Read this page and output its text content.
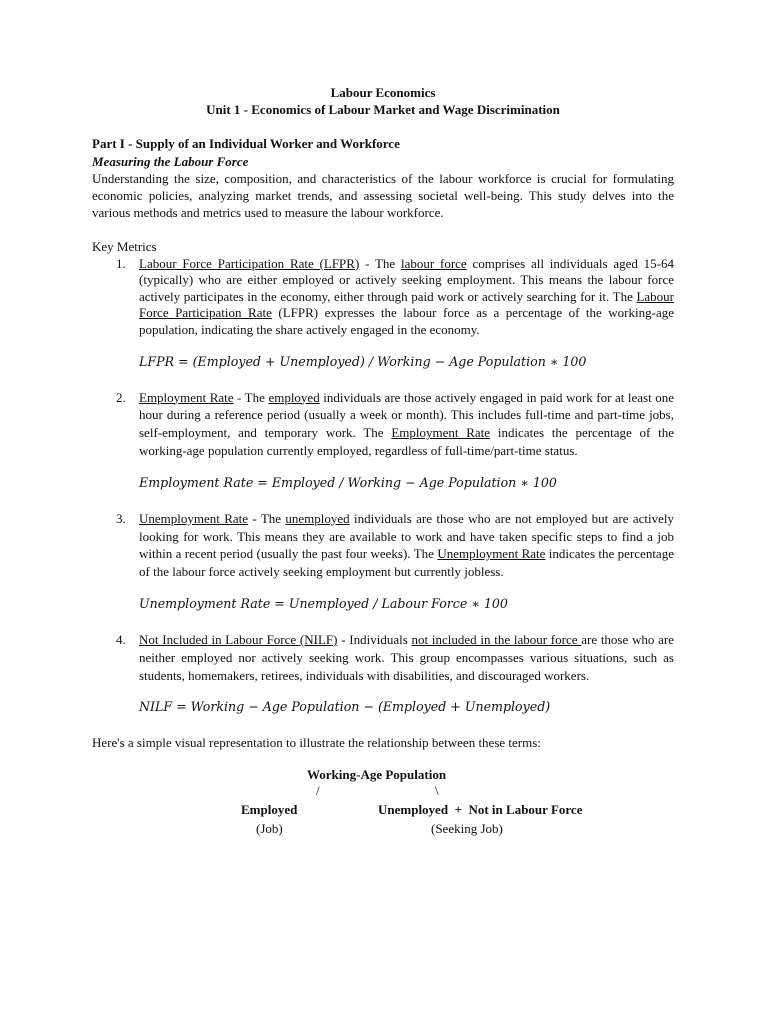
Labour Economics
Unit 1 - Economics of Labour Market and Wage Discrimination
Part I - Supply of an Individual Worker and Workforce
Measuring the Labour Force
Understanding the size, composition, and characteristics of the labour workforce is crucial for formulating economic policies, analyzing market trends, and assessing societal well-being. This study delves into the various methods and metrics used to measure the labour workforce.
Key Metrics
1. Labour Force Participation Rate (LFPR) - The labour force comprises all individuals aged 15-64 (typically) who are either employed or actively seeking employment. This means the labour force actively participates in the economy, either through paid work or actively searching for it. The Labour Force Participation Rate (LFPR) expresses the labour force as a percentage of the working-age population, indicating the share actively engaged in the economy.
LFPR = (Employed + Unemployed) / Working − Age Population ∗ 100
2. Employment Rate - The employed individuals are those actively engaged in paid work for at least one hour during a reference period (usually a week or month). This includes full-time and part-time jobs, self-employment, and temporary work. The Employment Rate indicates the percentage of the working-age population currently employed, regardless of full-time/part-time status.
Employment Rate = Employed / Working − Age Population ∗ 100
3. Unemployment Rate - The unemployed individuals are those who are not employed but are actively looking for work. This means they are available to work and have taken specific steps to find a job within a recent period (usually the past four weeks). The Unemployment Rate indicates the percentage of the labour force actively seeking employment but currently jobless.
Unemployment Rate = Unemployed / Labour Force ∗ 100
4. Not Included in Labour Force (NILF) - Individuals not included in the labour force are those who are neither employed nor actively seeking work. This group encompasses various situations, such as students, homemakers, retirees, individuals with disabilities, and discouraged workers.
NILF = Working − Age Population − (Employed + Unemployed)
Here's a simple visual representation to illustrate the relationship between these terms:
Working-Age Population
/	\
Employed	Unemployed  +  Not in Labour Force
(Job)	(Seeking Job)
